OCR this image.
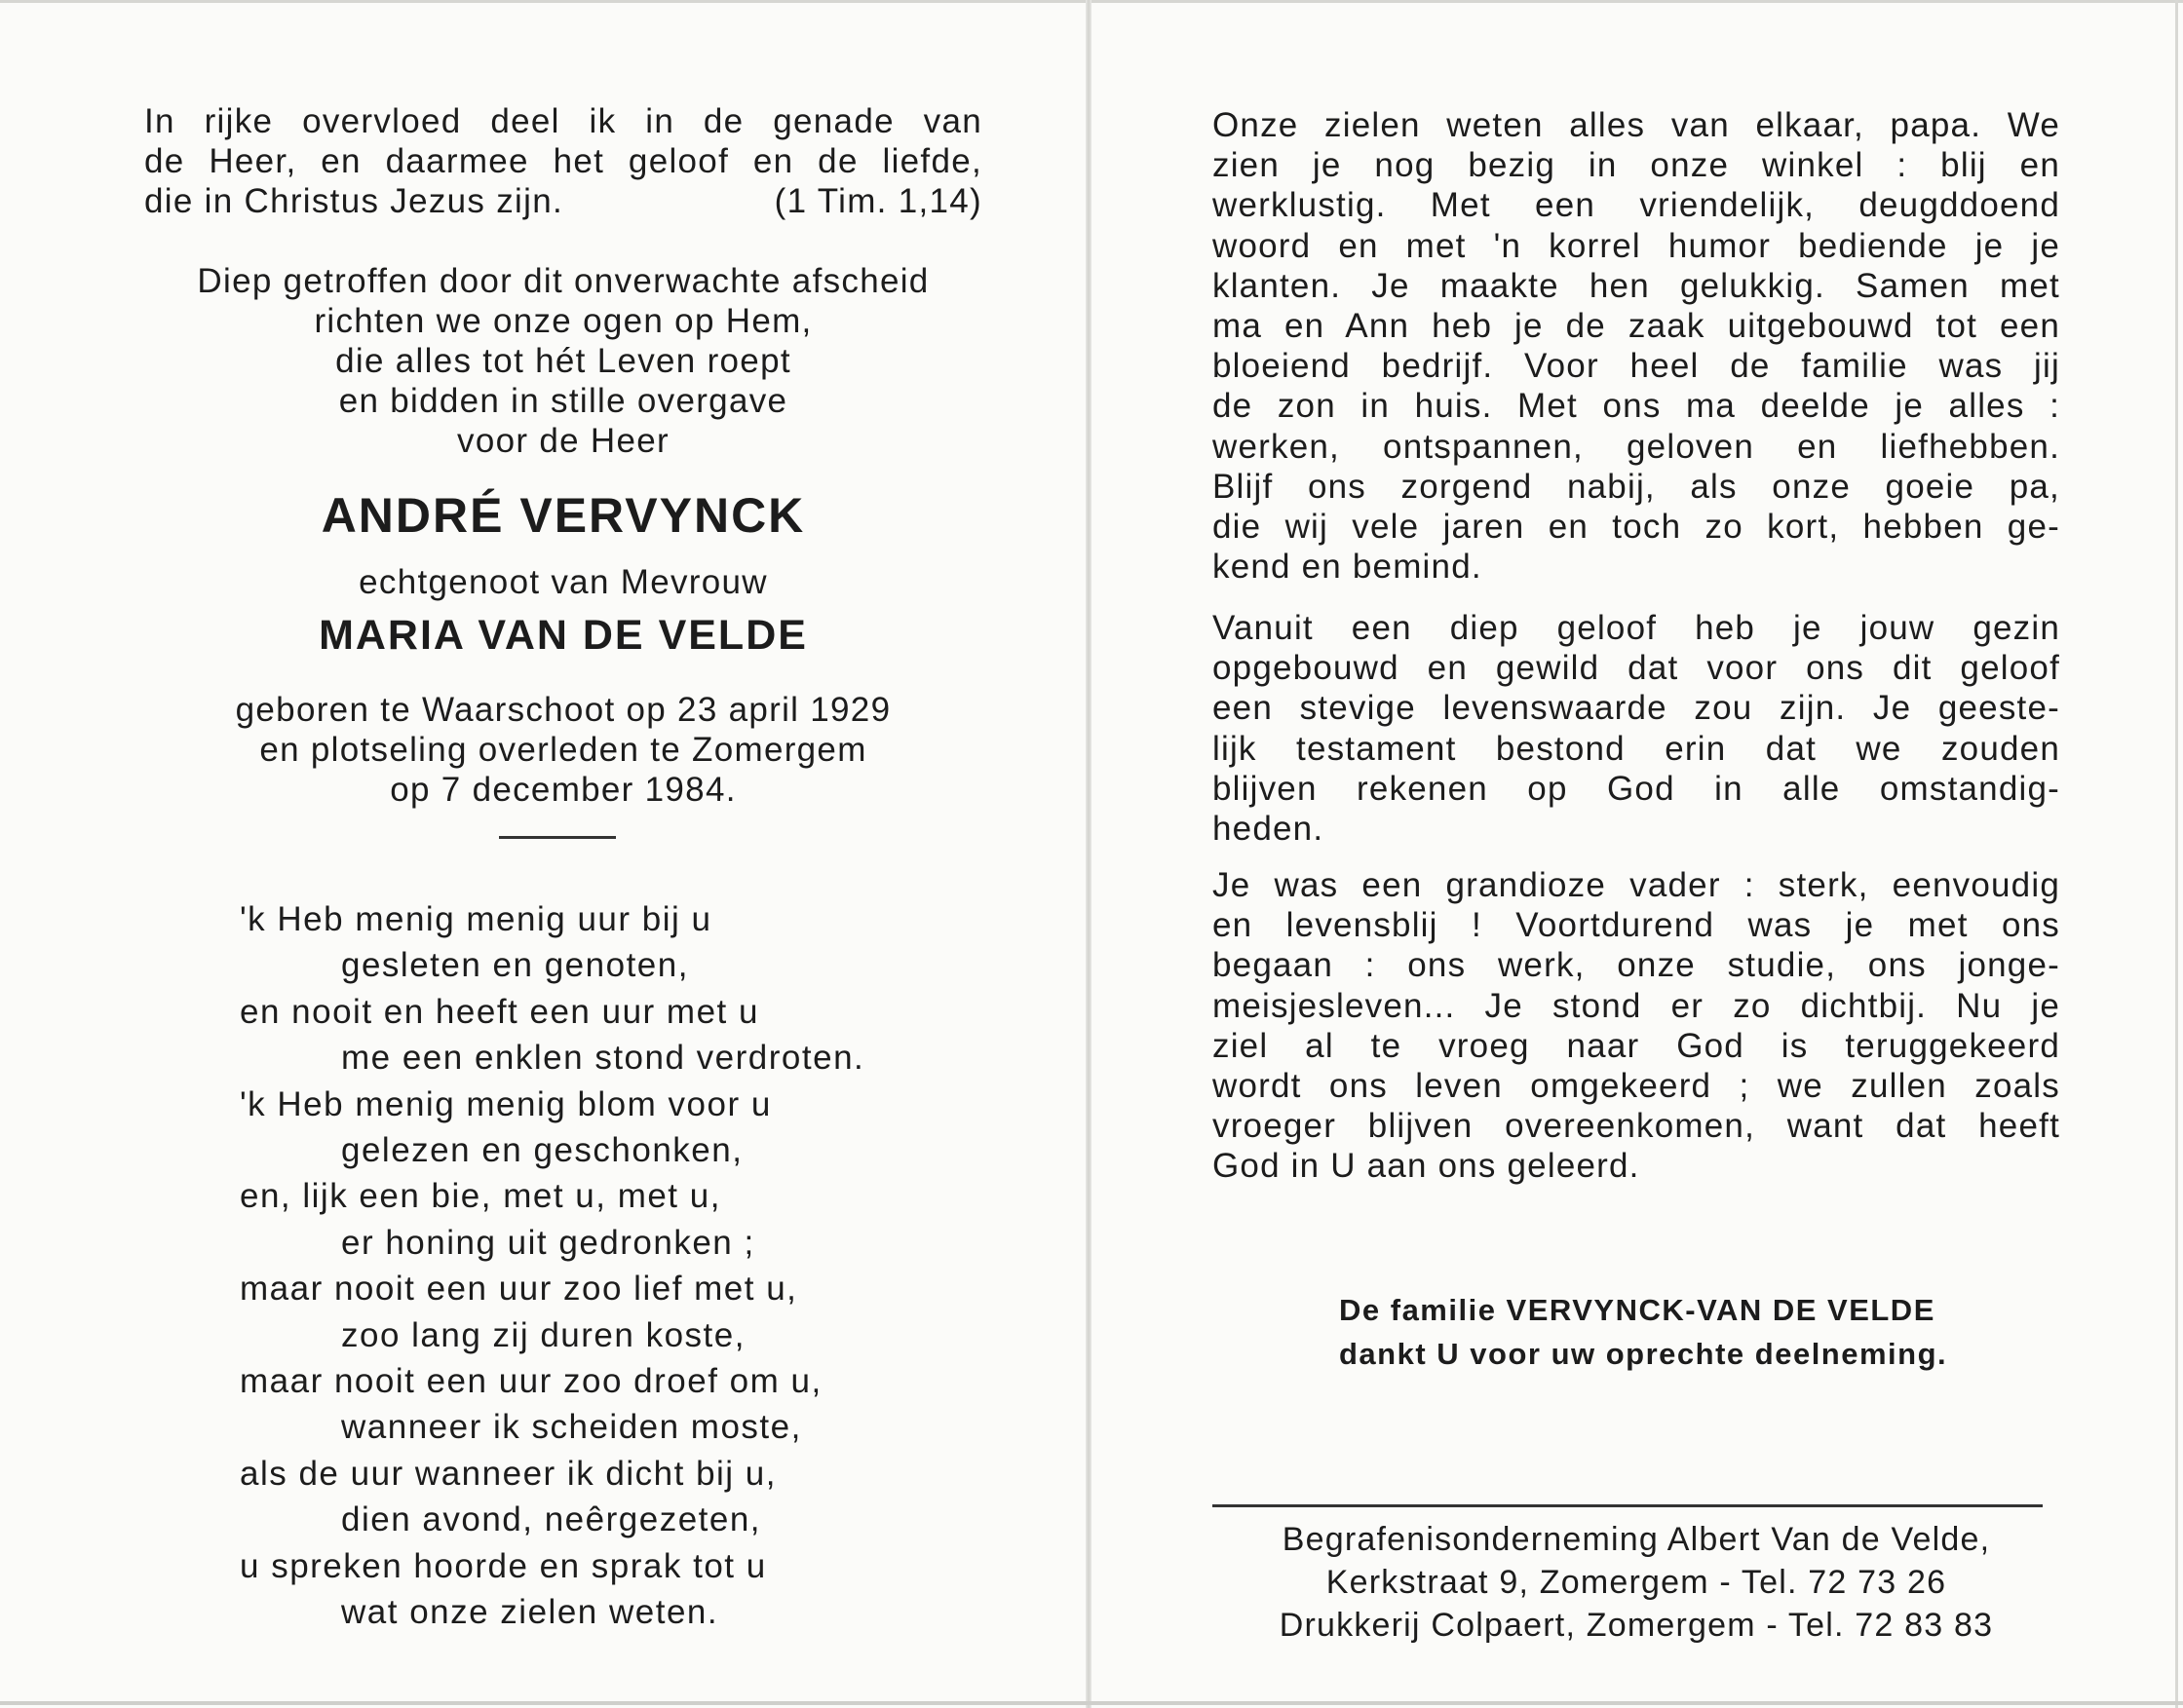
In rijke overvloed deel ik in de genade van
de Heer, en daarmee het geloof en de liefde,
die in Christus Jezus zijn.	(1 Tim. 1,14)
Diep getroffen door dit onverwachte afscheid
richten we onze ogen op Hem,
die alles tot hét Leven roept
en bidden in stille overgave
voor de Heer
ANDRÉ VERVYNCK
echtgenoot van Mevrouw
MARIA VAN DE VELDE
geboren te Waarschoot op 23 april 1929
en plotseling overleden te Zomergem
op 7 december 1984.
'k Heb menig menig uur bij u
gesleten en genoten,
en nooit en heeft een uur met u
me een enklen stond verdroten.
'k Heb menig menig blom voor u
gelezen en geschonken,
en, lijk een bie, met u, met u,
er honing uit gedronken ;
maar nooit een uur zoo lief met u,
zoo lang zij duren koste,
maar nooit een uur zoo droef om u,
wanneer ik scheiden moste,
als de uur wanneer ik dicht bij u,
dien avond, neêrgezeten,
u spreken hoorde en sprak tot u
wat onze zielen weten.
Onze zielen weten alles van elkaar, papa. We
zien je nog bezig in onze winkel : blij en
werklustig. Met een vriendelijk, deugddoend
woord en met 'n korrel humor bediende je je
klanten. Je maakte hen gelukkig. Samen met
ma en Ann heb je de zaak uitgebouwd tot een
bloeiend bedrijf. Voor heel de familie was jij
de zon in huis. Met ons ma deelde je alles :
werken, ontspannen, geloven en liefhebben.
Blijf ons zorgend nabij, als onze goeie pa,
die wij vele jaren en toch zo kort, hebben ge-
kend en bemind.
Vanuit een diep geloof heb je jouw gezin
opgebouwd en gewild dat voor ons dit geloof
een stevige levenswaarde zou zijn. Je geeste-
lijk testament bestond erin dat we zouden
blijven rekenen op God in alle omstandig-
heden.
Je was een grandioze vader : sterk, eenvoudig
en levensblij ! Voortdurend was je met ons
begaan : ons werk, onze studie, ons jonge-
meisjesleven... Je stond er zo dichtbij. Nu je
ziel al te vroeg naar God is teruggekeerd
wordt ons leven omgekeerd ; we zullen zoals
vroeger blijven overeenkomen, want dat heeft
God in U aan ons geleerd.
De familie VERVYNCK-VAN DE VELDE
dankt U voor uw oprechte deelneming.
Begrafenisonderneming Albert Van de Velde,
Kerkstraat 9, Zomergem - Tel. 72 73 26
Drukkerij Colpaert, Zomergem - Tel. 72 83 83
